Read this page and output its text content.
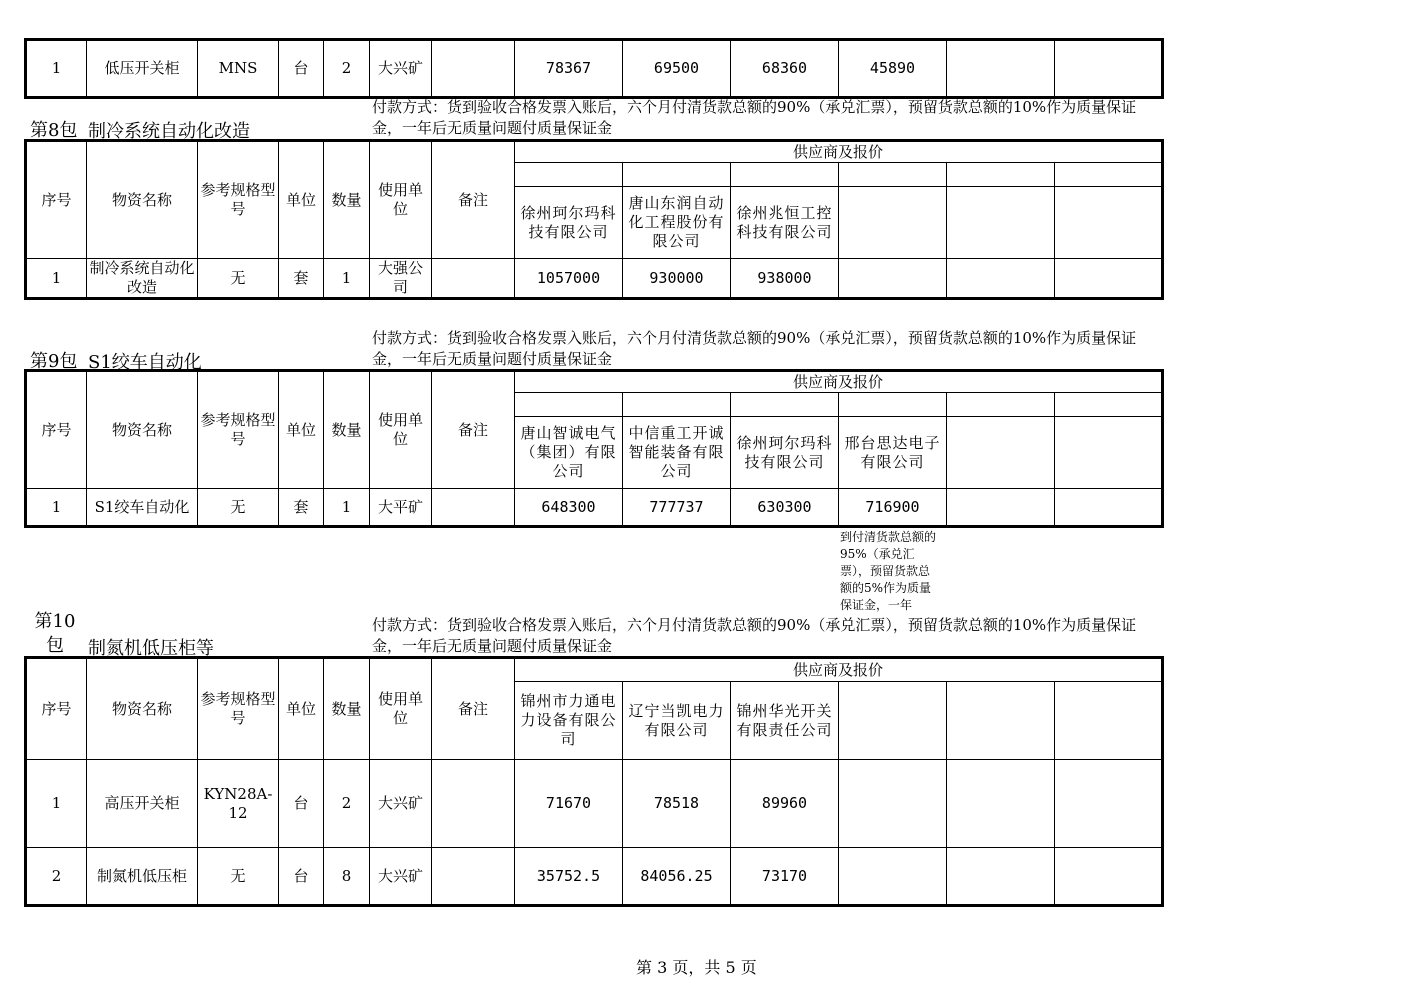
1	低压开关柜	MNS	台	2	大兴矿		78367	69500	68360	45890		
第8包 制冷系统自动化改造
付款方式：货到验收合格发票入账后，六个月付清货款总额的90%（承兑汇票），预留货款总额的10%作为质量保证金，一年后无质量问题付质量保证金
序号	物资名称	参考规格型号	单位	数量	使用单位	备注	供应商及报价					

							徐州珂尔玛科技有限公司	唐山东润自动化工程股份有限公司	徐州兆恒工控科技有限公司			
1	制冷系统自动化改造	无	套	1	大强公司		1057000	930000	938000			
第9包 S1绞车自动化
付款方式：货到验收合格发票入账后，六个月付清货款总额的90%（承兑汇票），预留货款总额的10%作为质量保证金，一年后无质量问题付质量保证金
序号	物资名称	参考规格型号	单位	数量	使用单位	备注	供应商及报价					

							唐山智诚电气（集团）有限公司	中信重工开诚智能装备有限公司	徐州珂尔玛科技有限公司	邢台思达电子有限公司		
1	S1绞车自动化	无	套	1	大平矿		648300	777737	630300	716900		
到付清货款总额的95%（承兑汇票），预留货款总额的5%作为质量保证金，一年
第10包	制氮机低压柜等
付款方式：货到验收合格发票入账后，六个月付清货款总额的90%（承兑汇票），预留货款总额的10%作为质量保证金，一年后无质量问题付质量保证金
序号	物资名称	参考规格型号	单位	数量	使用单位	备注	供应商及报价					
							锦州市力通电力设备有限公司	辽宁当凯电力有限公司	锦州华光开关有限责任公司			
1	高压开关柜	KYN28A-12	台	2	大兴矿		71670	78518	89960			
2	制氮机低压柜	无	台	8	大兴矿		35752.5	84056.25	73170			
第 3 页，共 5 页
